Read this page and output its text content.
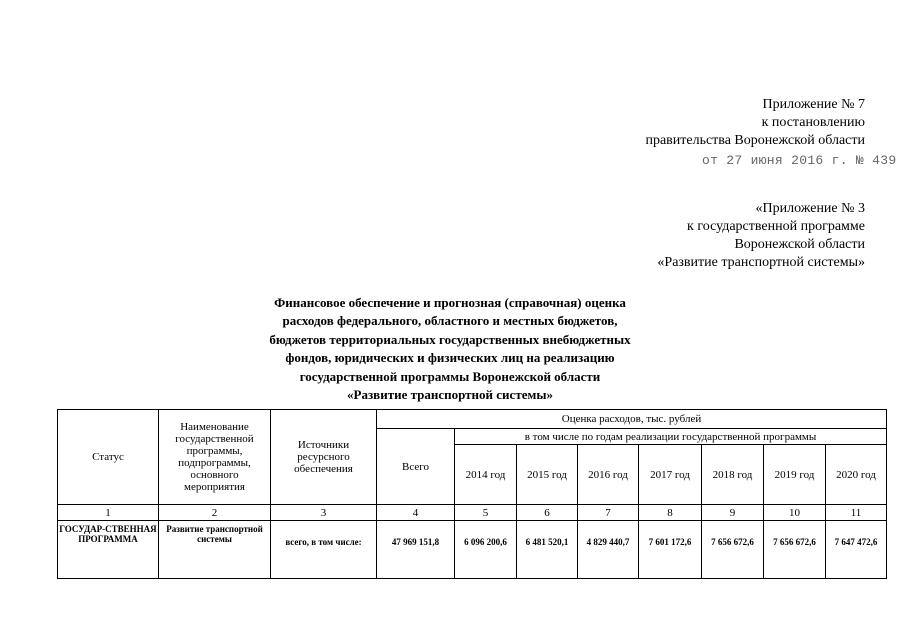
Приложение № 7
к постановлению
правительства Воронежской области
от 27 июня 2016 г. № 439
«Приложение № 3
к государственной программе
Воронежской области
«Развитие транспортной системы»
Финансовое обеспечение и прогнозная (справочная) оценка
расходов федерального, областного и местных бюджетов,
бюджетов территориальных государственных внебюджетных
фондов, юридических и физических лиц на реализацию
государственной программы Воронежской области
«Развитие транспортной системы»
Статус	Наименование государственной программы, подпрограммы, основного мероприятия	Источники ресурсного обеспечения	Оценка расходов, тыс. рублей							
			Всего	в том числе по годам реализации государственной программы						
				2014 год	2015 год	2016 год	2017 год	2018 год	2019 год	2020 год
1	2	3	4	5	6	7	8	9	10	11
ГОСУДАР-СТВЕННАЯ ПРОГРАММА	Развитие транспортной системы	всего, в том числе:	47 969 151,8	6 096 200,6	6 481 520,1	4 829 440,7	7 601 172,6	7 656 672,6	7 656 672,6	7 647 472,6
